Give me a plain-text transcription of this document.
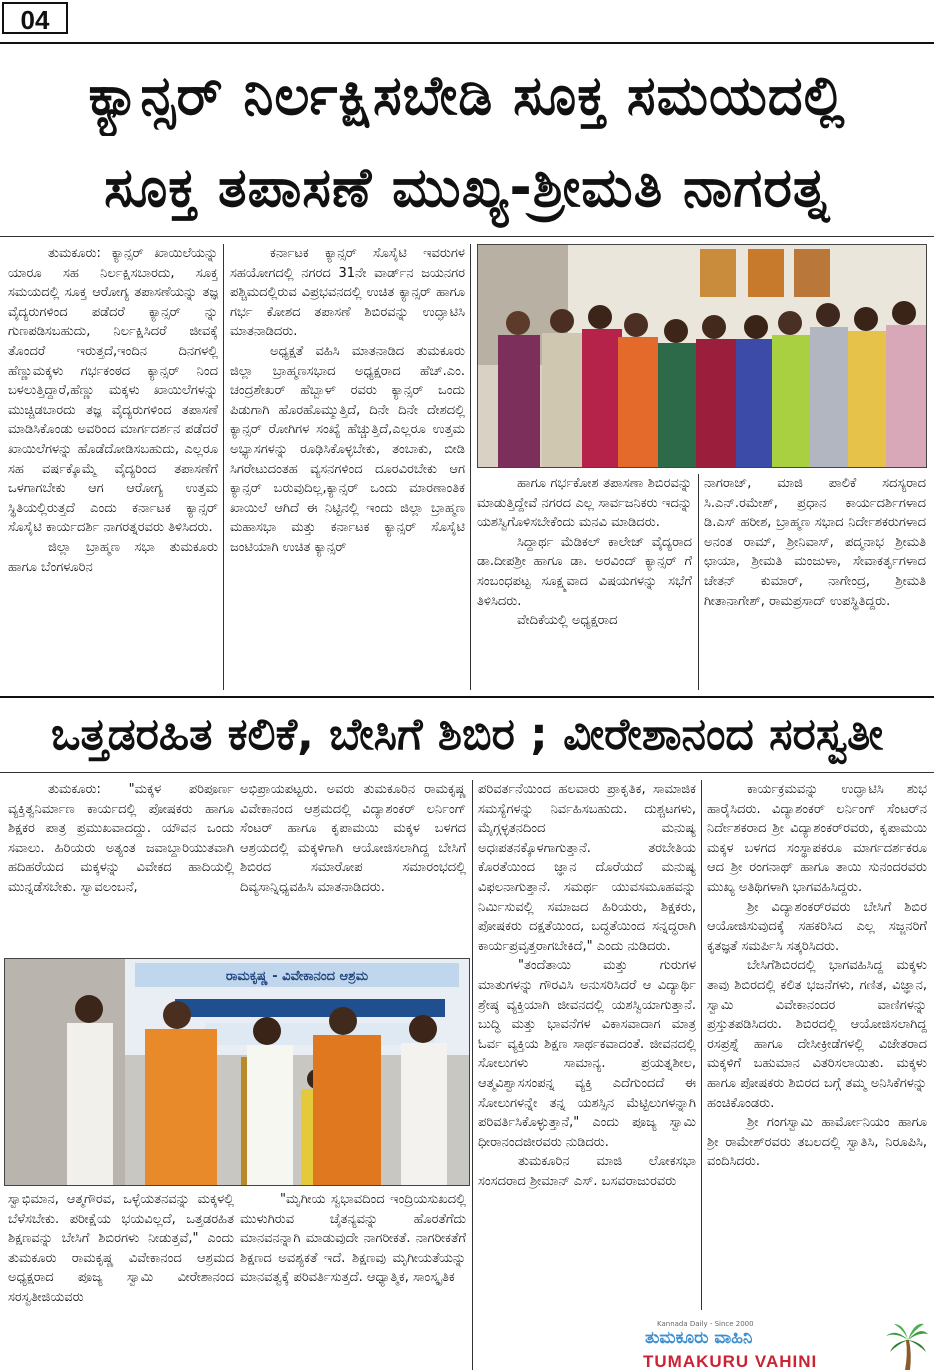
04
ಕ್ಯಾನ್ಸರ್ ನಿರ್ಲಕ್ಷಿಸಬೇಡಿ ಸೂಕ್ತ ಸಮಯದಲ್ಲಿ
ಸೂಕ್ತ ತಪಾಸಣೆ ಮುಖ್ಯ-ಶ್ರೀಮತಿ ನಾಗರತ್ನ

ತುಮಕೂರು: ಕ್ಯಾನ್ಸರ್ ಖಾಯಿಲೆಯನ್ನು ಯಾರೂ ಸಹ ನಿರ್ಲಕ್ಷಿಸಬಾರದು, ಸೂಕ್ತ ಸಮಯದಲ್ಲಿ ಸೂಕ್ತ ಆರೋಗ್ಯ ತಪಾಸಣೆಯನ್ನು ತಜ್ಞ ವೈದ್ಯರುಗಳಿಂದ ಪಡೆದರೆ ಕ್ಯಾನ್ಸರ್ ನ್ನು ಗುಣಪಡಿಸಬಹುದು, ನಿರ್ಲಕ್ಷಿಸಿದರೆ ಜೀವಕ್ಕೆ ತೊಂದರೆ ಇರುತ್ತದೆ,ಇಂದಿನ ದಿನಗಳಲ್ಲಿ ಹೆಣ್ಣುಮಕ್ಕಳು ಗರ್ಭಕಂಠದ ಕ್ಯಾನ್ಸರ್ ನಿಂದ ಬಳಲುತ್ತಿದ್ದಾರೆ,ಹೆಣ್ಣು ಮಕ್ಕಳು ಖಾಯಿಲೆಗಳನ್ನು ಮುಚ್ಚಿಡಬಾರದು ತಜ್ಞ ವೈದ್ಯರುಗಳಿಂದ ತಪಾಸಣೆ ಮಾಡಿಸಿಕೊಂಡು ಅವರಿಂದ ಮಾರ್ಗದರ್ಶನ ಪಡೆದರೆ ಖಾಯಿಲೆಗಳನ್ನು ಹೊಡೆದೋಡಿಸಬಹುದು, ಎಲ್ಲರೂ ಸಹ ವರ್ಷಕ್ಕೊಮ್ಮೆ ವೈದ್ಯರಿಂದ ತಪಾಸಣೆಗೆ ಒಳಗಾಗಬೇಕು ಆಗ ಆರೋಗ್ಯ ಉತ್ತಮ ಸ್ಥಿತಿಯಲ್ಲಿರುತ್ತದೆ ಎಂದು ಕರ್ನಾಟಕ ಕ್ಯಾನ್ಸರ್ ಸೊಸೈಟಿ ಕಾರ್ಯದರ್ಶಿ ನಾಗರತ್ನರವರು ತಿಳಿಸಿದರು.

ಜಿಲ್ಲಾ ಬ್ರಾಹ್ಮಣ ಸಭಾ ತುಮಕೂರು ಹಾಗೂ ಬೆಂಗಳೂರಿನ

ಕರ್ನಾಟಕ ಕ್ಯಾನ್ಸರ್ ಸೊಸೈಟಿ ಇವರುಗಳ ಸಹಯೋಗದಲ್ಲಿ ನಗರದ 31ನೇ ವಾರ್ಡ್‌ನ ಜಯನಗರ ಪಶ್ಚಿಮದಲ್ಲಿರುವ ವಿಪ್ರಭವನದಲ್ಲಿ ಉಚಿತ ಕ್ಯಾನ್ಸರ್ ಹಾಗೂ ಗರ್ಭ ಕೋಶದ ತಪಾಸಣೆ ಶಿಬಿರವನ್ನು ಉದ್ಘಾಟಿಸಿ ಮಾತನಾಡಿದರು.

ಅಧ್ಯಕ್ಷತೆ ವಹಿಸಿ ಮಾತನಾಡಿದ ತುಮಕೂರು ಜಿಲ್ಲಾ ಬ್ರಾಹ್ಮಣಸಭಾದ ಅಧ್ಯಕ್ಷರಾದ ಹೆಚ್.ಎಂ. ಚಂದ್ರಶೇಖರ್ ಹೆಬ್ಬಾಳ್ ರವರು ಕ್ಯಾನ್ಸರ್ ಒಂದು ಪಿಡುಗಾಗಿ ಹೊರಹೊಮ್ಮುತ್ತಿದೆ, ದಿನೇ ದಿನೇ ದೇಶದಲ್ಲಿ ಕ್ಯಾನ್ಸರ್ ರೋಗಿಗಳ ಸಂಖ್ಯೆ ಹೆಚ್ಚುತ್ತಿದೆ,ಎಲ್ಲರೂ ಉತ್ತಮ ಅಭ್ಯಾಸಗಳನ್ನು ರೂಢಿಸಿಕೊಳ್ಳಬೇಕು, ತಂಬಾಕು, ಬೀಡಿ ಸಿಗರೇಟುದಂತಹ ವ್ಯಸನಗಳಿಂದ ದೂರವಿರಬೇಕು ಆಗ ಕ್ಯಾನ್ಸರ್ ಬರುವುದಿಲ್ಲ,ಕ್ಯಾನ್ಸರ್ ಒಂದು ಮಾರಣಾಂತಿಕ ಖಾಯಿಲೆ ಆಗಿದೆ ಈ ನಿಟ್ಟಿನಲ್ಲಿ ಇಂದು ಜಿಲ್ಲಾ ಬ್ರಾಹ್ಮಣ ಮಹಾಸಭಾ ಮತ್ತು ಕರ್ನಾಟಕ ಕ್ಯಾನ್ಸರ್ ಸೊಸೈಟಿ ಜಂಟಿಯಾಗಿ ಉಚಿತ ಕ್ಯಾನ್ಸರ್

ಹಾಗೂ ಗರ್ಭಕೋಶ ತಪಾಸಣಾ ಶಿಬಿರವನ್ನು ಮಾಡುತ್ತಿದ್ದೇವೆ ನಗರದ ಎಲ್ಲ ಸಾರ್ವಜನಿಕರು ಇದನ್ನು ಯಶಸ್ವಿಗೊಳಿಸಬೇಕೆಂದು ಮನವಿ ಮಾಡಿದರು.

ಸಿದ್ದಾರ್ಥ ಮೆಡಿಕಲ್ ಕಾಲೇಜ್ ವೈದ್ಯರಾದ ಡಾ.ದೀಪಶ್ರೀ ಹಾಗೂ ಡಾ. ಅರವಿಂದ್ ಕ್ಯಾನ್ಸರ್ ಗೆ ಸಂಬಂಧಪಟ್ಟ ಸೂಕ್ಷ್ಮವಾದ ವಿಷಯಗಳನ್ನು ಸಭೆಗೆ ತಿಳಿಸಿದರು.

ವೇದಿಕೆಯಲ್ಲಿ ಅಧ್ಯಕ್ಷರಾದ

ನಾಗರಾಜ್, ಮಾಜಿ ಪಾಲಿಕೆ ಸದಸ್ಯರಾದ ಸಿ.ಎನ್.ರಮೇಶ್, ಪ್ರಧಾನ ಕಾರ್ಯದರ್ಶಿಗಳಾದ ಡಿ.ಎಸ್ ಹರೀಶ, ಬ್ರಾಹ್ಮಣ ಸಭಾದ ನಿರ್ದೇಶಕರುಗಳಾದ ಅನಂತ ರಾಮ್, ಶ್ರೀನಿವಾಸ್, ಪದ್ಮನಾಭ ಶ್ರೀಮತಿ ಛಾಯಾ, ಶ್ರೀಮತಿ ಮಂಜುಳಾ, ಸೇವಾಕರ್ತೃಗಳಾದ ಚೇತನ್ ಕುಮಾರ್, ನಾಗೇಂದ್ರ, ಶ್ರೀಮತಿ ಗೀತಾನಾಗೇಶ್, ರಾಮಪ್ರಸಾದ್ ಉಪಸ್ಥಿತಿದ್ದರು.

ಒತ್ತಡರಹಿತ ಕಲಿಕೆ, ಬೇಸಿಗೆ ಶಿಬಿರ ; ವೀರೇಶಾನಂದ ಸರಸ್ವತೀ

ತುಮಕೂರು: "ಮಕ್ಕಳ ಪರಿಪೂರ್ಣ ವ್ಯಕ್ತಿತ್ವನಿರ್ಮಾಣ ಕಾರ್ಯದಲ್ಲಿ ಪೋಷಕರು ಹಾಗೂ ಶಿಕ್ಷಕರ ಪಾತ್ರ ಪ್ರಮುಖವಾದದ್ದು. ಯೌವನ ಒಂದು ಸವಾಲು. ಹಿರಿಯರು ಅತ್ಯಂತ ಜವಾಬ್ದಾರಿಯುತವಾಗಿ ಹದಿಹರೆಯದ ಮಕ್ಕಳನ್ನು ವಿವೇಕದ ಹಾದಿಯಲ್ಲಿ ಮುನ್ನಡೆಸಬೇಕು. ಸ್ವಾವಲಂಬನೆ,

ಅಭಿಪ್ರಾಯಪಟ್ಟರು. ಅವರು ತುಮಕೂರಿನ ರಾಮಕೃಷ್ಣ ವಿವೇಕಾನಂದ ಆಶ್ರಮದಲ್ಲಿ ವಿದ್ಯಾಶಂಕರ್ ಲರ್ನಿಂಗ್ ಸೆಂಟರ್ ಹಾಗೂ ಕೃಪಾಮಯಿ ಮಕ್ಕಳ ಬಳಗದ ಆಶ್ರಯದಲ್ಲಿ ಮಕ್ಕಳಿಗಾಗಿ ಆಯೋಜಿಸಲಾಗಿದ್ದ ಬೇಸಿಗೆ ಶಿಬಿರದ ಸಮಾರೋಪ ಸಮಾರಂಭದಲ್ಲಿ ದಿವ್ಯಸಾನ್ನಿಧ್ಯವಹಿಸಿ ಮಾತನಾಡಿದರು.

ರಾಮಕೃಷ್ಣ - ವಿವೇಕಾನಂದ ಆಶ್ರಮ

ಸ್ವಾಭಿಮಾನ, ಆತ್ಮಗೌರವ, ಒಳ್ಳೆಯತನವನ್ನು ಮಕ್ಕಳಲ್ಲಿ ಬೆಳೆಸಬೇಕು. ಪರೀಕ್ಷೆಯ ಭಯವಿಲ್ಲದೆ, ಒತ್ತಡರಹಿತ ಶಿಕ್ಷಣವನ್ನು ಬೇಸಿಗೆ ಶಿಬಿರಗಳು ನೀಡುತ್ತವೆ," ಎಂದು ತುಮಕೂರು ರಾಮಕೃಷ್ಣ ವಿವೇಕಾನಂದ ಆಶ್ರಮದ ಅಧ್ಯಕ್ಷರಾದ ಪೂಜ್ಯ ಸ್ವಾಮಿ ವೀರೇಶಾನಂದ ಸರಸ್ವತೀಜಿಯವರು

"ಮೃಗೀಯ ಸ್ವಭಾವದಿಂದ ಇಂದ್ರಿಯಸುಖದಲ್ಲಿ ಮುಳುಗಿರುವ ಚೈತನ್ಯವನ್ನು ಹೊರತೆಗೆದು ಮಾನವನನ್ನಾಗಿ ಮಾಡುವುದೇ ನಾಗರೀಕತೆ. ನಾಗರೀಕತೆಗೆ ಶಿಕ್ಷಣದ ಅವಶ್ಯಕತೆ ಇದೆ. ಶಿಕ್ಷಣವು ಮೃಗೀಯತೆಯನ್ನು ಮಾನವತ್ವಕ್ಕೆ ಪರಿವರ್ತಿಸುತ್ತದೆ. ಆಧ್ಯಾತ್ಮಿಕ, ಸಾಂಸ್ಕೃತಿಕ

ಪರಿವರ್ತನೆಯಿಂದ ಹಲವಾರು ಪ್ರಾಕೃತಿಕ, ಸಾಮಾಜಿಕ ಸಮಸ್ಯೆಗಳನ್ನು ನಿರ್ವಹಿಸಬಹುದು. ದುಶ್ಚಟಗಳು, ಮೈಗ್ಗಳ್ಳತನದಿಂದ ಮನುಷ್ಯ ಅಧಃಪತನಕ್ಕೊಳಗಾಗುತ್ತಾನೆ. ತರಬೇತಿಯ ಕೊರತೆಯಿಂದ ಜ್ಞಾನ ದೊರೆಯದೆ ಮನುಷ್ಯ ವಿಫಲನಾಗುತ್ತಾನೆ. ಸಮರ್ಥ ಯುವಸಮೂಹವನ್ನು ನಿರ್ಮಿಸುವಲ್ಲಿ ಸಮಾಜದ ಹಿರಿಯರು, ಶಿಕ್ಷಕರು, ಪೋಷಕರು ದಕ್ಷತೆಯಿಂದ, ಬದ್ಧತೆಯಿಂದ ಸನ್ನದ್ಧರಾಗಿ ಕಾರ್ಯಪ್ರವೃತ್ತರಾಗಬೇಕಿದೆ," ಎಂದು ನುಡಿದರು.

"ತಂದೆತಾಯಿ ಮತ್ತು ಗುರುಗಳ ಮಾತುಗಳನ್ನು ಗೌರವಿಸಿ ಅನುಸರಿಸಿದರೆ ಆ ವಿದ್ಯಾರ್ಥಿ ಶ್ರೇಷ್ಠ ವ್ಯಕ್ತಿಯಾಗಿ ಜೀವನದಲ್ಲಿ ಯಶಸ್ವಿಯಾಗುತ್ತಾನೆ. ಬುದ್ಧಿ ಮತ್ತು ಭಾವನೆಗಳ ವಿಕಾಸವಾದಾಗ ಮಾತ್ರ ಓರ್ವ ವ್ಯಕ್ತಿಯ ಶಿಕ್ಷಣ ಸಾರ್ಥಕವಾದಂತೆ. ಜೀವನದಲ್ಲಿ ಸೋಲುಗಳು ಸಾಮಾನ್ಯ. ಪ್ರಯತ್ನಶೀಲ, ಆತ್ಮವಿಶ್ವಾಸಸಂಪನ್ನ ವ್ಯಕ್ತಿ ಎದೆಗುಂದದೆ ಈ ಸೋಲುಗಳನ್ನೇ ತನ್ನ ಯಶಸ್ಸಿನ ಮೆಟ್ಟಿಲುಗಳನ್ನಾಗಿ ಪರಿವರ್ತಿಸಿಕೊಳ್ಳುತ್ತಾನೆ," ಎಂದು ಪೂಜ್ಯ ಸ್ವಾಮಿ ಧೀರಾನಂದಜೀರವರು ನುಡಿದರು.

ತುಮಕೂರಿನ ಮಾಜಿ ಲೋಕಸಭಾ ಸಂಸದರಾದ ಶ್ರೀಮಾನ್ ಎಸ್. ಬಸವರಾಜುರವರು

ಕಾರ್ಯಕ್ರಮವನ್ನು ಉದ್ಘಾಟಿಸಿ ಶುಭ ಹಾರೈಸಿದರು. ವಿದ್ಯಾಶಂಕರ್ ಲರ್ನಿಂಗ್ ಸೆಂಟರ್‌ನ ನಿರ್ದೇಶಕರಾದ ಶ್ರೀ ವಿದ್ಯಾಶಂಕರ್‌ರವರು, ಕೃಪಾಮಯಿ ಮಕ್ಕಳ ಬಳಗದ ಸಂಸ್ಥಾಪಕರೂ ಮಾರ್ಗದರ್ಶಕರೂ ಆದ ಶ್ರೀ ರಂಗನಾಥ್ ಹಾಗೂ ತಾಯಿ ಸುನಂದರವರು ಮುಖ್ಯ ಅತಿಥಿಗಳಾಗಿ ಭಾಗವಹಿಸಿದ್ದರು.

ಶ್ರೀ ವಿದ್ಯಾಶಂಕರ್‌ರವರು ಬೇಸಿಗೆ ಶಿಬಿರ ಆಯೋಜಿಸುವುದಕ್ಕೆ ಸಹಕರಿಸಿದ ಎಲ್ಲ ಸಜ್ಜನರಿಗೆ ಕೃತಜ್ಞತೆ ಸಮರ್ಪಿಸಿ ಸತ್ಕರಿಸಿದರು.

ಬೇಸಿಗೆಶಿಬಿರದಲ್ಲಿ ಭಾಗವಹಿಸಿದ್ದ ಮಕ್ಕಳು ತಾವು ಶಿಬಿರದಲ್ಲಿ ಕಲಿತ ಭಜನೆಗಳು, ಗಣಿತ, ವಿಜ್ಞಾನ, ಸ್ವಾಮಿ ವಿವೇಕಾನಂದರ ವಾಣಿಗಳನ್ನು ಪ್ರಸ್ತುತಪಡಿಸಿದರು. ಶಿಬಿರದಲ್ಲಿ ಆಯೋಜಿಸಲಾಗಿದ್ದ ರಸಪ್ರಶ್ನೆ ಹಾಗೂ ದೇಸೀಕ್ರೀಡೆಗಳಲ್ಲಿ ವಿಜೇತರಾದ ಮಕ್ಕಳಿಗೆ ಬಹುಮಾನ ವಿತರಿಸಲಾಯಿತು. ಮಕ್ಕಳು ಹಾಗೂ ಪೋಷಕರು ಶಿಬಿರದ ಬಗ್ಗೆ ತಮ್ಮ ಅನಿಸಿಕೆಗಳನ್ನು ಹಂಚಿಕೊಂಡರು.

ಶ್ರೀ ಗಂಗಸ್ವಾಮಿ ಹಾರ್ಮೋನಿಯಂ ಹಾಗೂ ಶ್ರೀ ರಾಮೇಶ್‌ರವರು ತಬಲದಲ್ಲಿ ಸ್ವಾತಿಸಿ, ನಿರೂಪಿಸಿ, ವಂದಿಸಿದರು.

Kannada Daily - Since 2000
ತುಮಕೂರು ವಾಹಿನಿ
TUMAKURU VAHINI
